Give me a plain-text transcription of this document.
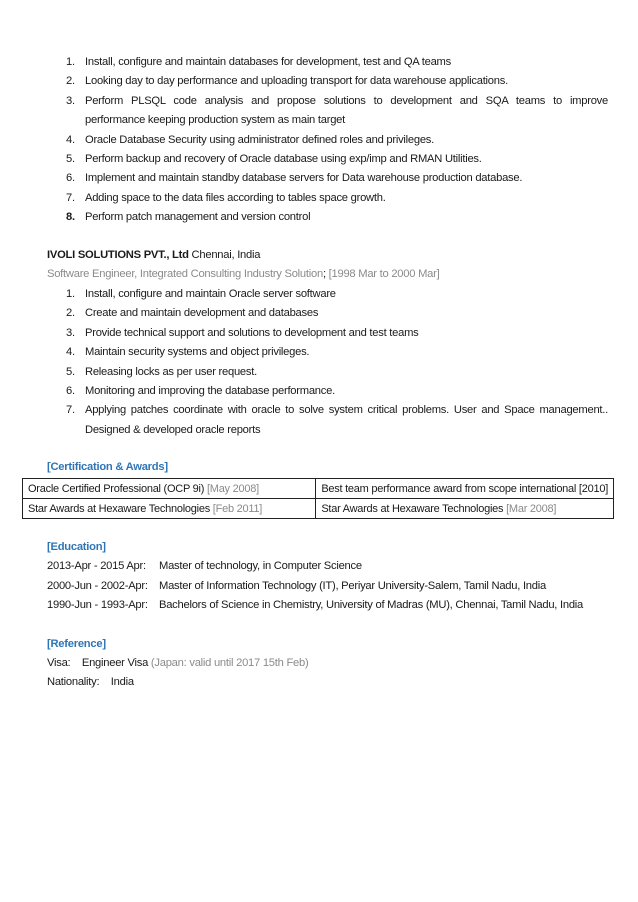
1. Install, configure and maintain databases for development, test and QA teams
2. Looking day to day performance and uploading transport for data warehouse applications.
3. Perform PLSQL code analysis and propose solutions to development and SQA teams to improve
performance keeping production system as main target
4. Oracle Database Security using administrator defined roles and privileges.
5. Perform backup and recovery of Oracle database using exp/imp and RMAN Utilities.
6. Implement and maintain standby database servers for Data warehouse production database.
7. Adding space to the data files according to tables space growth.
8. Perform patch management and version control
IVOLI SOLUTIONS PVT., Ltd Chennai, India
Software Engineer, Integrated Consulting Industry Solution; [1998 Mar to 2000 Mar]
1. Install, configure and maintain Oracle server software
2. Create and maintain development and databases
3. Provide technical support and solutions to development and test teams
4. Maintain security systems and object privileges.
5. Releasing locks as per user request.
6. Monitoring and improving the database performance.
7. Applying patches coordinate with oracle to solve system critical problems. User and Space management..
Designed & developed oracle reports
[Certification & Awards]
Oracle Certified Professional (OCP 9i) [May 2008]	Best team performance award from scope international [2010]
Star Awards at Hexaware Technologies [Feb 2011]	Star Awards at Hexaware Technologies [Mar 2008]
[Education]
2013-Apr - 2015 Apr: Master of technology, in Computer Science
2000-Jun - 2002-Apr: Master of Information Technology (IT), Periyar University-Salem, Tamil Nadu, India
1990-Jun - 1993-Apr: Bachelors of Science in Chemistry, University of Madras (MU), Chennai, Tamil Nadu, India
[Reference]
Visa: Engineer Visa (Japan: valid until 2017 15th Feb)
Nationality: India
